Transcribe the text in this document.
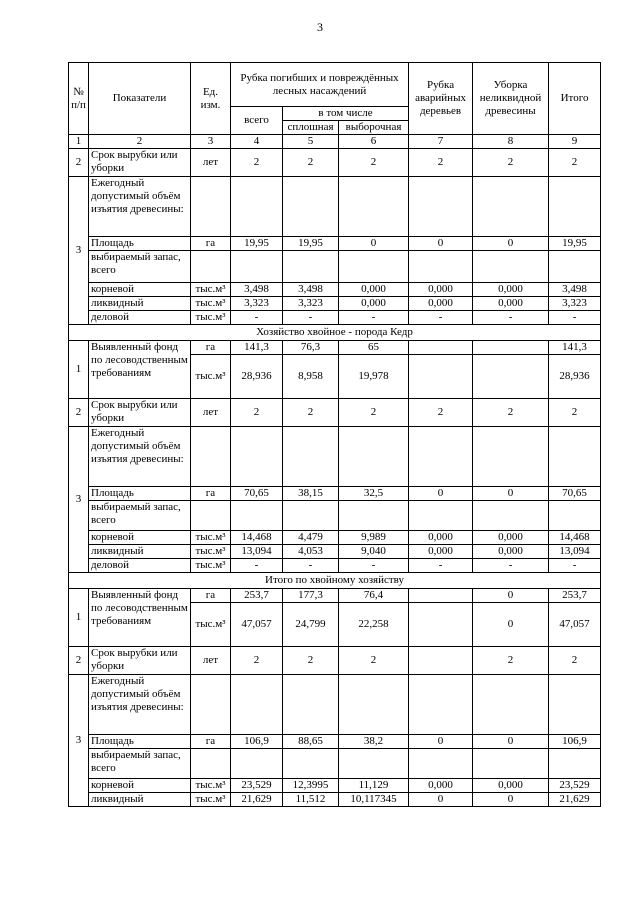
3
№ п/п	Показатели	Ед. изм.	Рубка погибших и повреждённых лесных насаждений			Рубка аварийных деревьев	Уборка неликвидной древесины	Итого
			всего	в том числе				
				сплошная	выборочная			
1	2	3	4	5	6	7	8	9
2	Срок вырубки или уборки	лет	2	2	2	2	2	2
3	Ежегодный допустимый объём изъятия древесины:							
	Площадь	га	19,95	19,95	0	0	0	19,95
	выбираемый запас, всего							
	корневой	тыс.м³	3,498	3,498	0,000	0,000	0,000	3,498
	ликвидный	тыс.м³	3,323	3,323	0,000	0,000	0,000	3,323
	деловой	тыс.м³	-	-	-	-	-	-
Хозяйство хвойное - порода Кедр								
1	Выявленный фонд по лесоводственным требованиям	га	141,3	76,3	65			141,3
		тыс.м³	28,936	8,958	19,978			28,936
2	Срок вырубки или уборки	лет	2	2	2	2	2	2
3	Ежегодный допустимый объём изъятия древесины:							
	Площадь	га	70,65	38,15	32,5	0	0	70,65
	выбираемый запас, всего							
	корневой	тыс.м³	14,468	4,479	9,989	0,000	0,000	14,468
	ликвидный	тыс.м³	13,094	4,053	9,040	0,000	0,000	13,094
	деловой	тыс.м³	-	-	-	-	-	-
Итого по хвойному хозяйству								
1	Выявленный фонд по лесоводственным требованиям	га	253,7	177,3	76,4		0	253,7
		тыс.м³	47,057	24,799	22,258		0	47,057
2	Срок вырубки или уборки	лет	2	2	2		2	2
3	Ежегодный допустимый объём изъятия древесины:							
	Площадь	га	106,9	88,65	38,2	0	0	106,9
	выбираемый запас, всего							
	корневой	тыс.м³	23,529	12,3995	11,129	0,000	0,000	23,529
	ликвидный	тыс.м³	21,629	11,512	10,117345	0	0	21,629
